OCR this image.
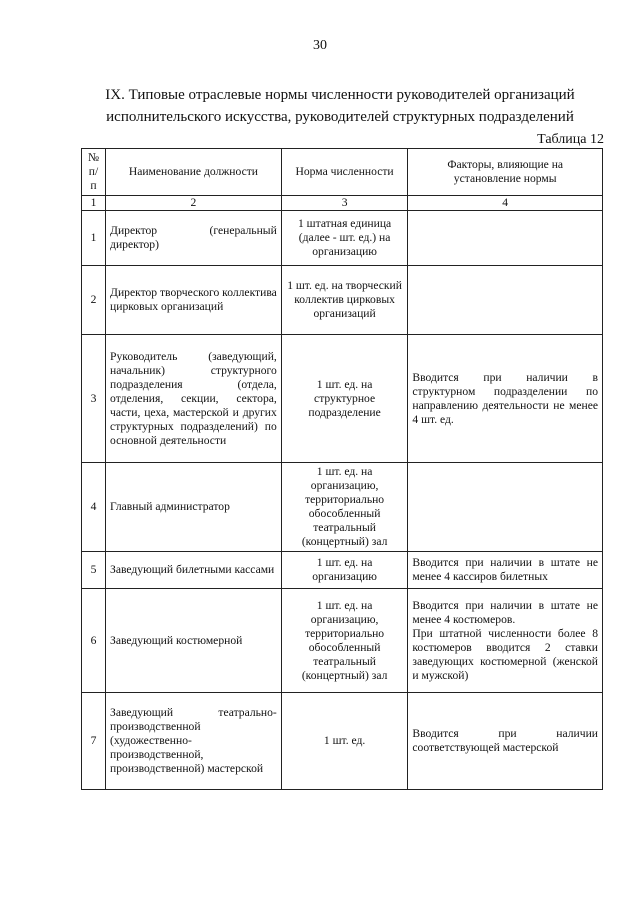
30
IX. Типовые отраслевые нормы численности руководителей организаций
исполнительского искусства, руководителей структурных подразделений
Таблица 12
№ п/п	Наименование должности	Норма численности	Факторы, влияющие на установление нормы
1	2	3	4
1	Директор (генеральный директор)	1 штатная единица (далее - шт. ед.) на организацию	
2	Директор творческого коллектива цирковых организаций	1 шт. ед. на творческий коллектив цирковых организаций	
3	Руководитель (заведующий, начальник) структурного подразделения (отдела, отделения, секции, сектора, части, цеха, мастерской и других структурных подразделений) по основной деятельности	1 шт. ед. на структурное подразделение	Вводится при наличии в структурном подразделении по направлению деятельности не менее 4 шт. ед.
4	Главный администратор	1 шт. ед. на организацию, территориально обособленный театральный (концертный) зал	
5	Заведующий билетными кассами	1 шт. ед. на организацию	Вводится при наличии в штате не менее 4 кассиров билетных
6	Заведующий костюмерной	1 шт. ед. на организацию, территориально обособленный театральный (концертный) зал	Вводится при наличии в штате не менее 4 костюмеров.

При штатной численности более 8 костюмеров вводится 2 ставки заведующих костюмерной (женской и мужской)

7	Заведующий театрально-производственной (художественно-производственной, производственной) мастерской	1 шт. ед.	Вводится при наличии соответствующей мастерской
